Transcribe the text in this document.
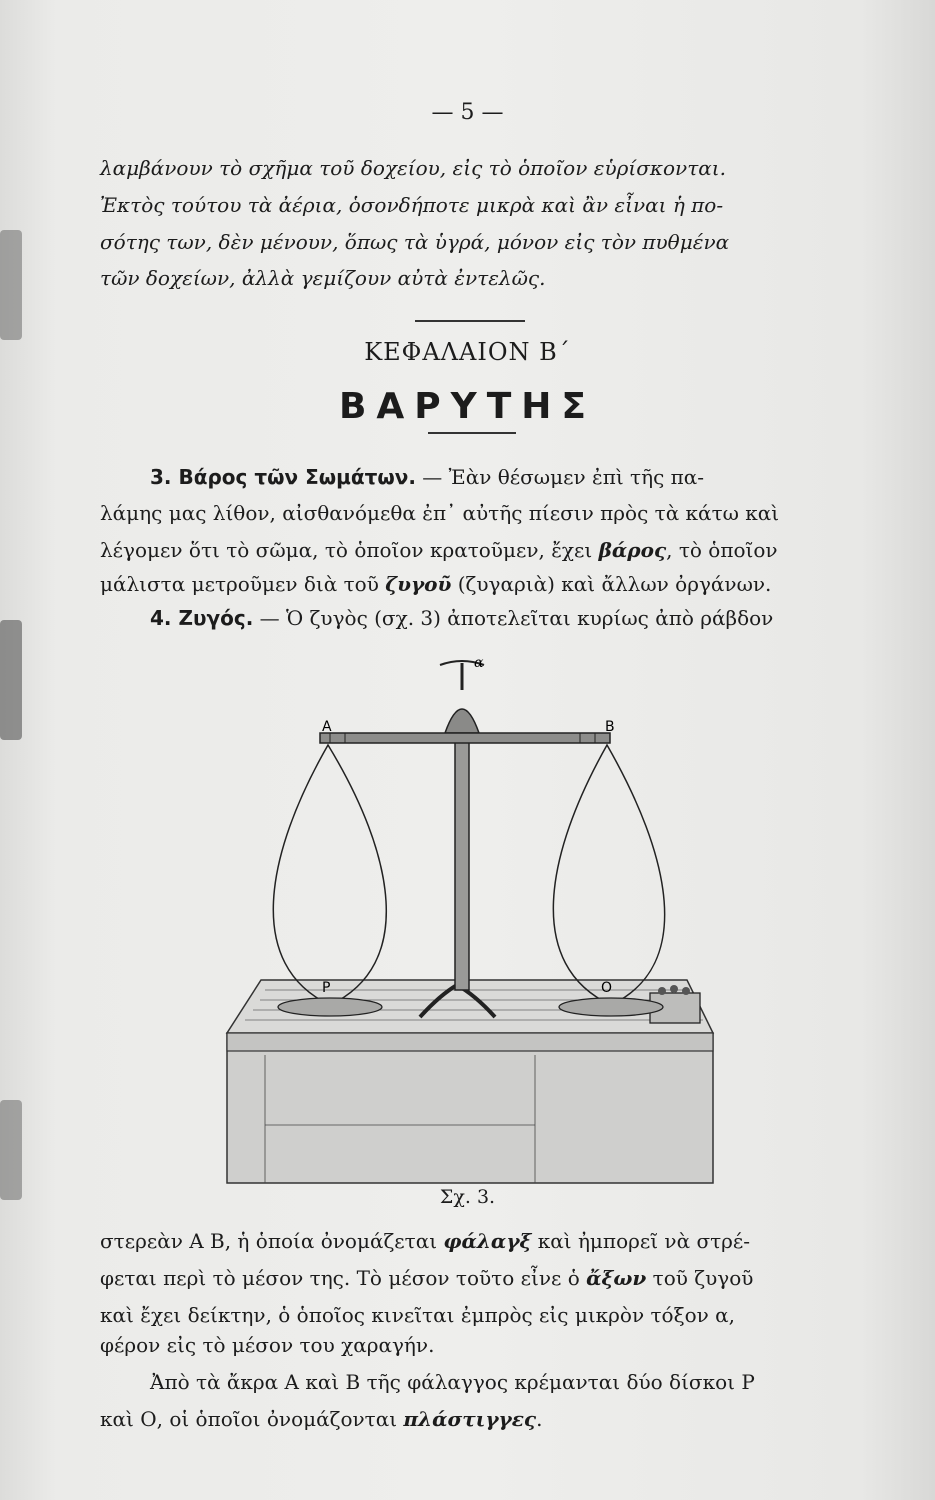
— 5 —
λαμβάνουν τὸ σχῆμα τοῦ δοχείου, εἰς τὸ ὁποῖον εὑρίσκονται.
Ἐκτὸς τούτου τὰ ἀέρια, ὁσονδήποτε μικρὰ καὶ ἂν εἶναι ἡ πο-
σότης των, δὲν μένουν, ὅπως τὰ ὑγρά, μόνον εἰς τὸν πυθμένα
τῶν δοχείων, ἀλλὰ γεμίζουν αὐτὰ ἐντελῶς.
ΚΕΦΑΛΑΙΟΝ Β΄
ΒΑΡΥΤΗΣ
3. Βάρος τῶν Σωμάτων. — Ἐὰν θέσωμεν ἐπὶ τῆς πα-
λάμης μας λίθον, αἰσθανόμεθα ἐπ᾽ αὐτῆς πίεσιν πρὸς τὰ κάτω καὶ
λέγομεν ὅτι τὸ σῶμα, τὸ ὁποῖον κρατοῦμεν, ἔχει βάρος, τὸ ὁποῖον
μάλιστα μετροῦμεν διὰ τοῦ ζυγοῦ (ζυγαριὰ) καὶ ἄλλων ὀργάνων.
4. Ζυγός. — Ὁ ζυγὸς (σχ. 3) ἀποτελεῖται κυρίως ἀπὸ ράβδον
α
A	B
P	O
Σχ. 3.
στερεὰν Α Β, ἡ ὁποία ὀνομάζεται φάλαγξ καὶ ἠμπορεῖ νὰ στρέ-
φεται περὶ τὸ μέσον της. Τὸ μέσον τοῦτο εἶνε ὁ ἄξων τοῦ ζυγοῦ
καὶ ἔχει δείκτην, ὁ ὁποῖος κινεῖται ἐμπρὸς εἰς μικρὸν τόξον α,
φέρον εἰς τὸ μέσον του χαραγήν.
Ἀπὸ τὰ ἄκρα Α καὶ Β τῆς φάλαγγος κρέμανται δύο δίσκοι Ρ
καὶ Ο, οἱ ὁποῖοι ὀνομάζονται πλάστιγγες.
